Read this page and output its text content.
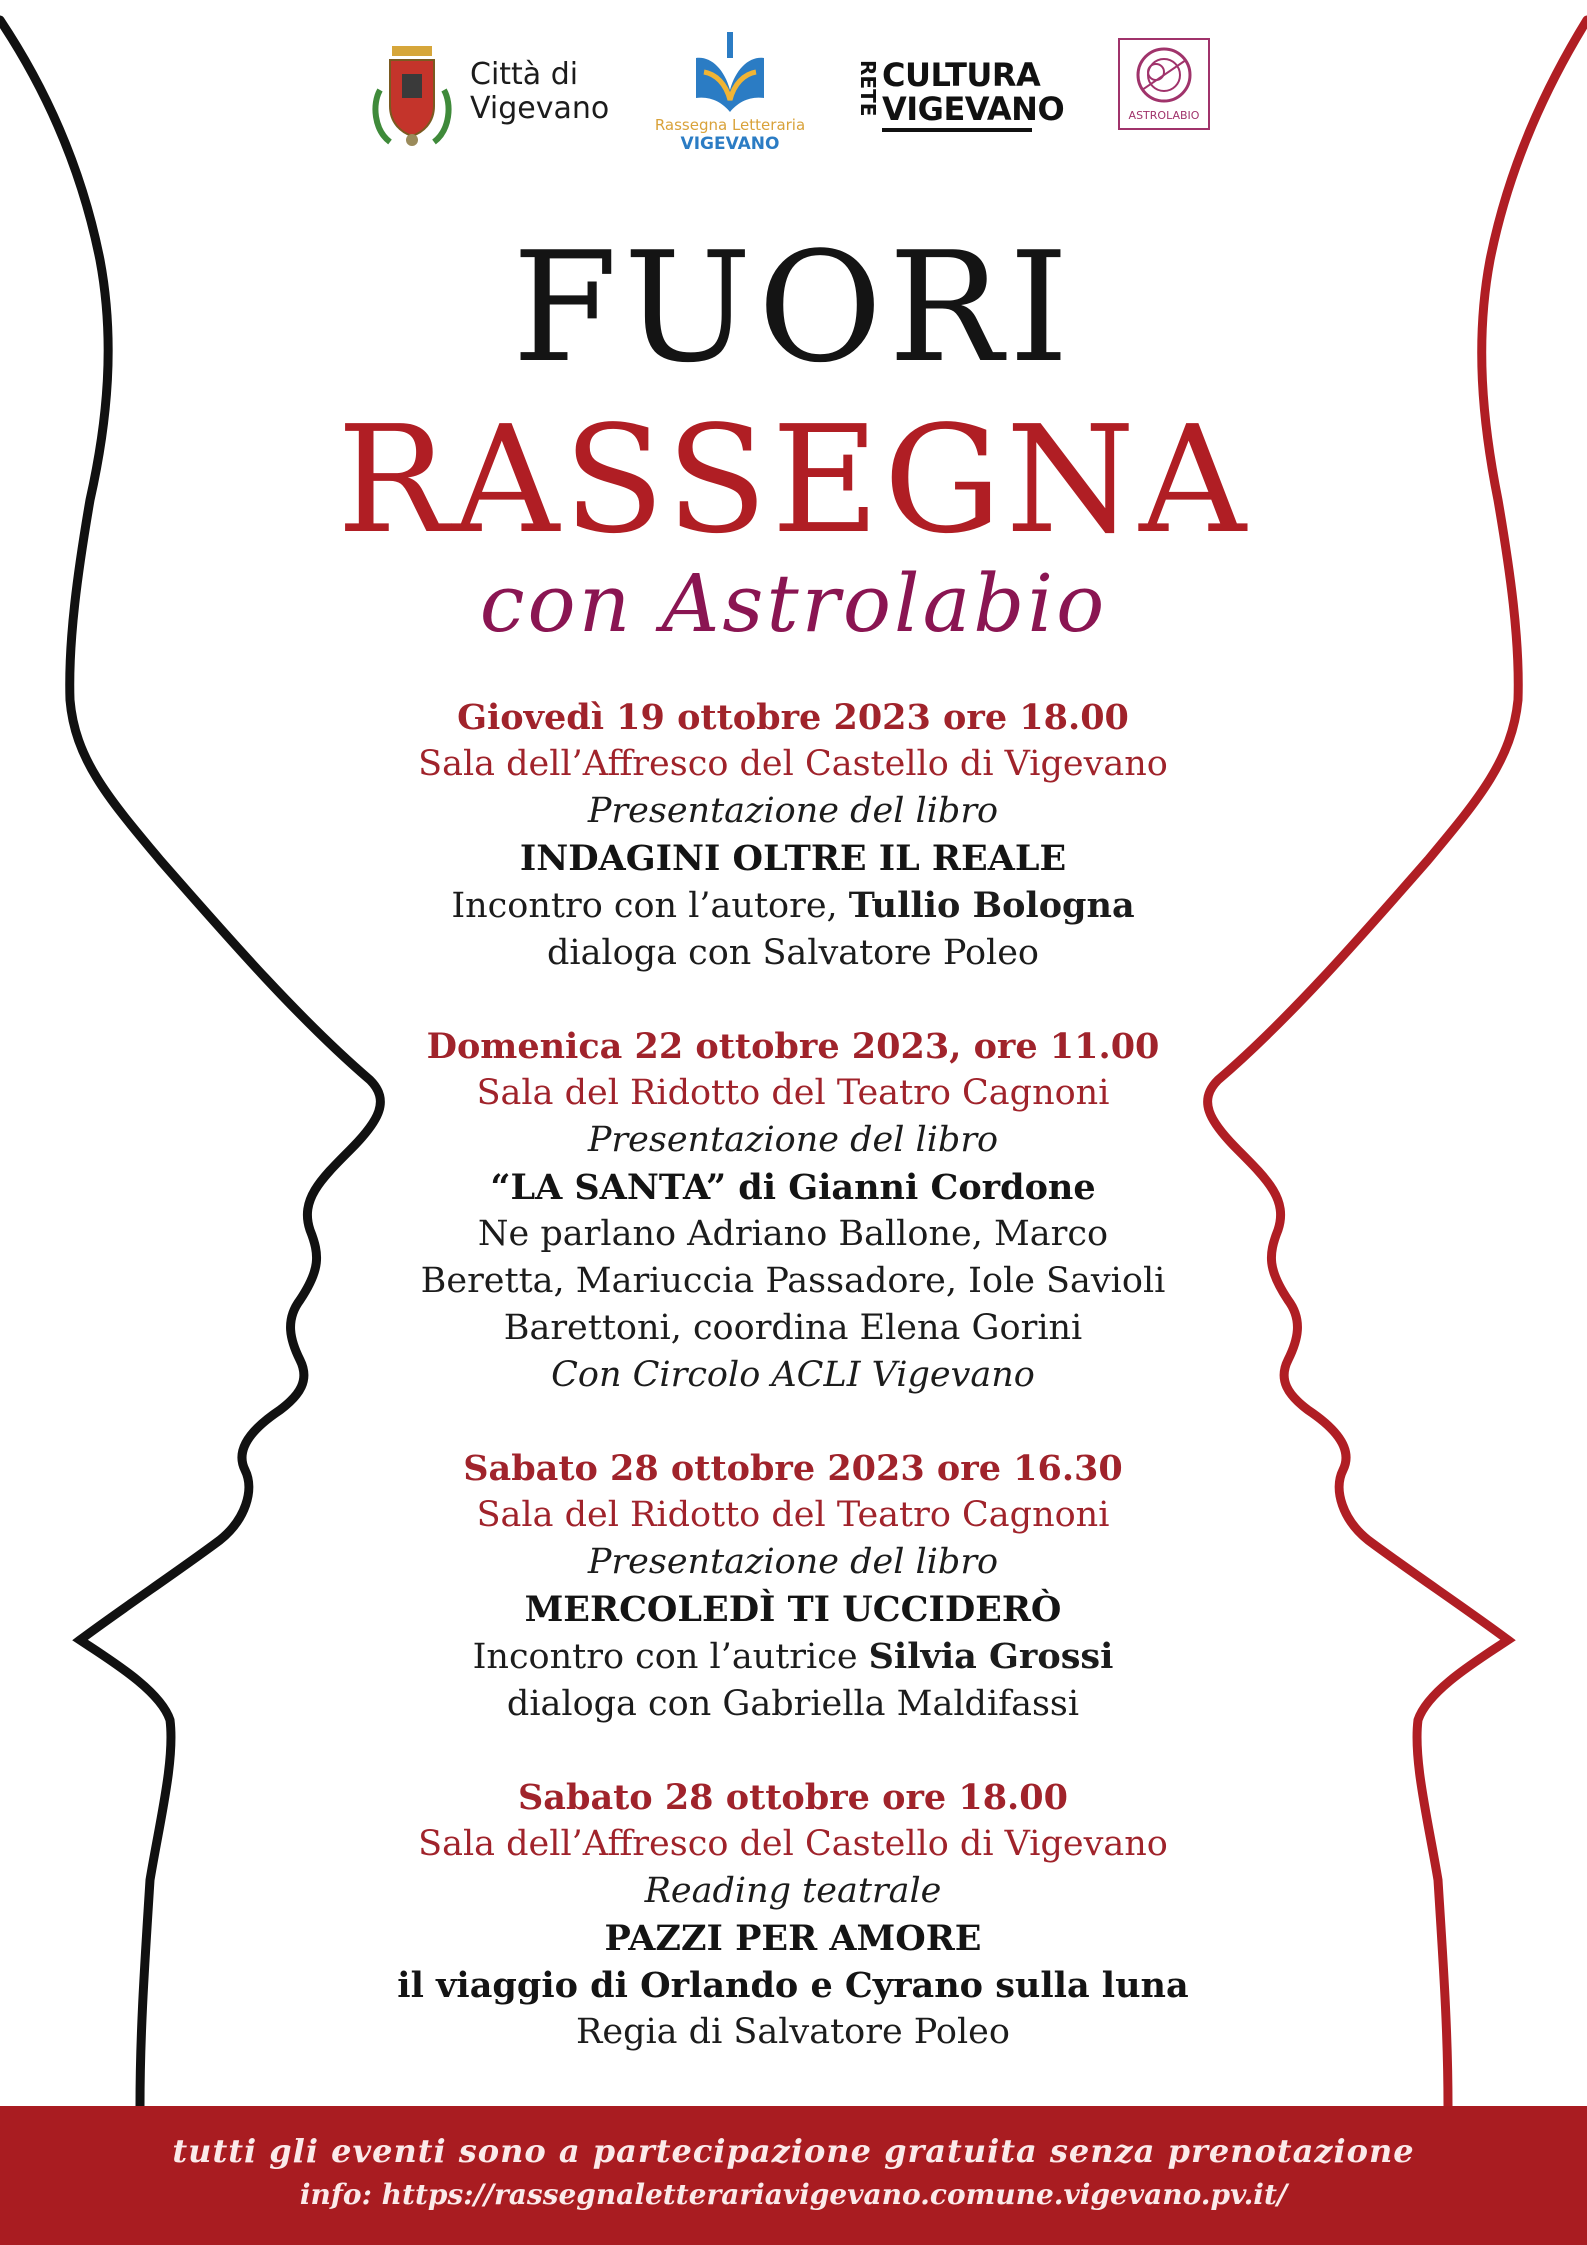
Città di
Vigevano	Rassegna Letteraria
VIGEVANO
RETE CULTURA
VIGEVANO	ASTROLABIO
FUORI
RASSEGNA
con Astrolabio
Giovedì 19 ottobre 2023 ore 18.00
Sala dell’Affresco del Castello di Vigevano
Presentazione del libro
INDAGINI OLTRE IL REALE
Incontro con l’autore, Tullio Bologna
dialoga con Salvatore Poleo
Domenica 22 ottobre 2023, ore 11.00
Sala del Ridotto del Teatro Cagnoni
Presentazione del libro
“LA SANTA” di Gianni Cordone
Ne parlano Adriano Ballone, Marco
Beretta, Mariuccia Passadore, Iole Savioli
Barettoni, coordina Elena Gorini
Con Circolo ACLI Vigevano
Sabato 28 ottobre 2023 ore 16.30
Sala del Ridotto del Teatro Cagnoni
Presentazione del libro
MERCOLEDÌ TI UCCIDERÒ
Incontro con l’autrice Silvia Grossi
dialoga con Gabriella Maldifassi
Sabato 28 ottobre ore 18.00
Sala dell’Affresco del Castello di Vigevano
Reading teatrale
PAZZI PER AMORE
il viaggio di Orlando e Cyrano sulla luna
Regia di Salvatore Poleo
tutti gli eventi sono a partecipazione gratuita senza prenotazione
info: https://rassegnaletterariavigevano.comune.vigevano.pv.it/
